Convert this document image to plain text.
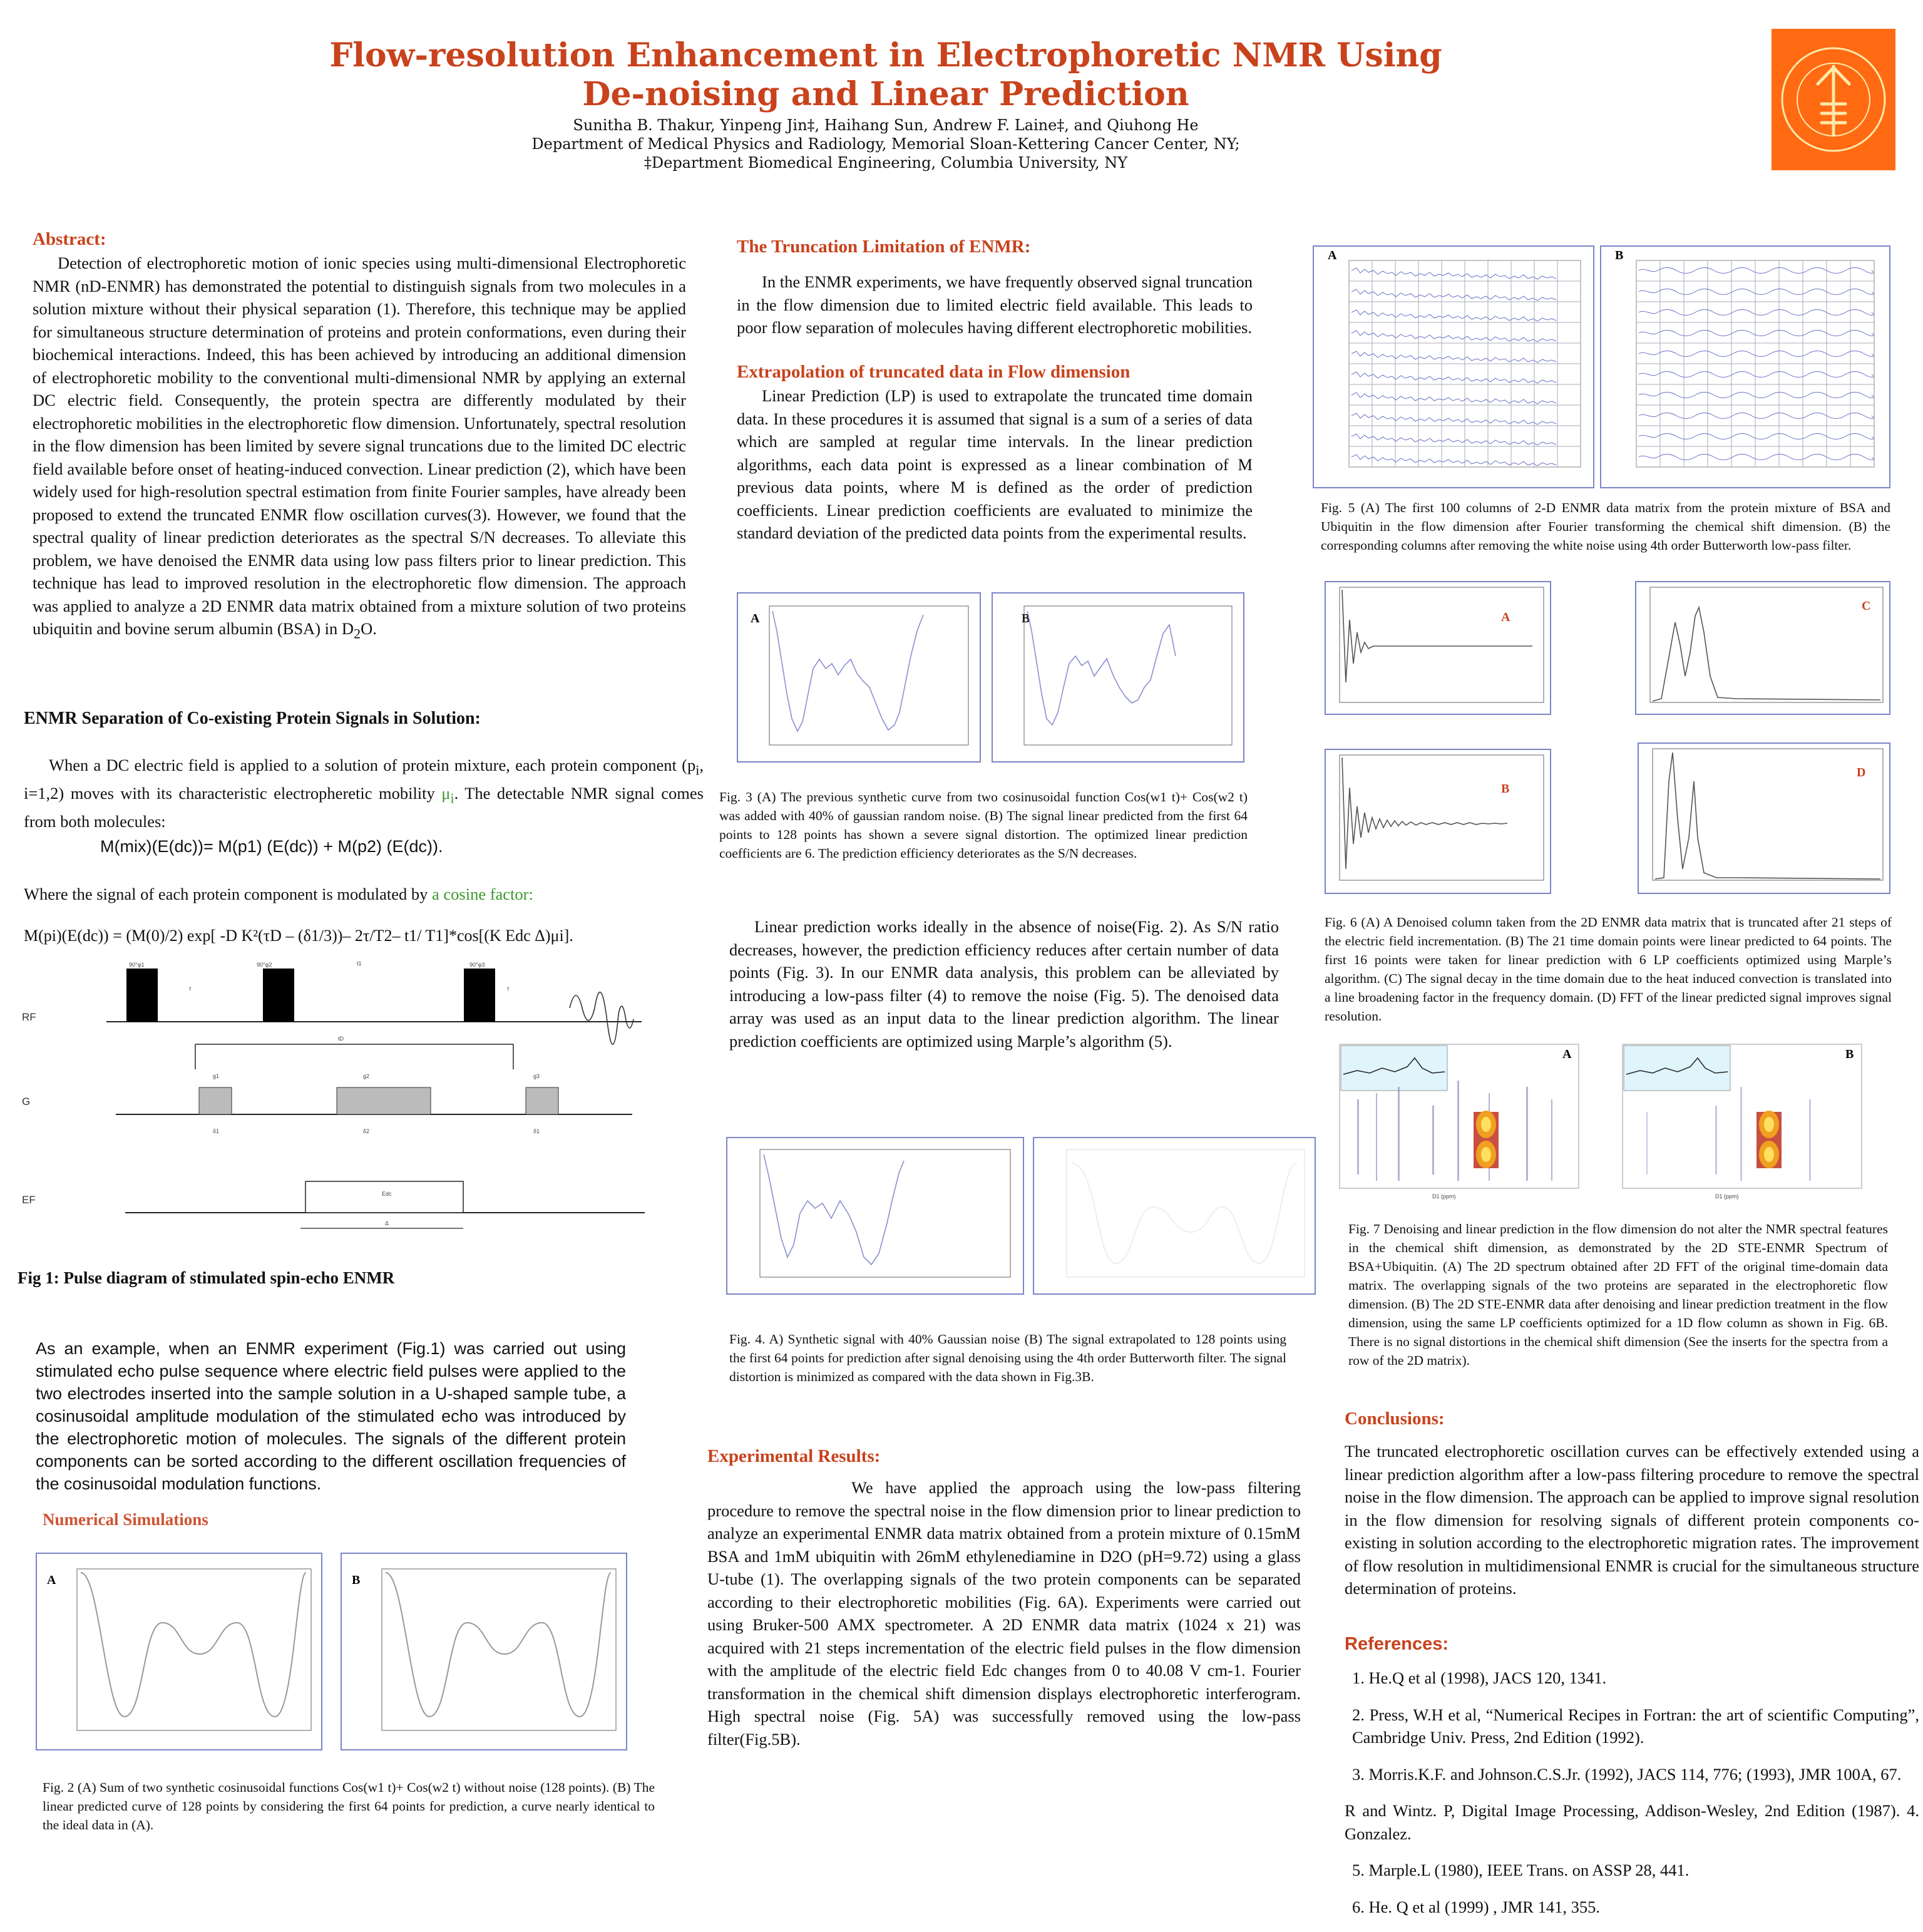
Flow-resolution Enhancement in Electrophoretic NMR Using
De-noising and Linear Prediction
Sunitha B. Thakur, Yinpeng Jin‡, Haihang Sun, Andrew F. Laine‡, and Qiuhong He
Department of Medical Physics and Radiology, Memorial Sloan-Kettering Cancer Center, NY;
‡Department Biomedical Engineering, Columbia University, NY
Abstract:
Detection of electrophoretic motion of ionic species using multi-dimensional Electrophoretic NMR (nD-ENMR) has demonstrated the potential to distinguish signals from two molecules in a solution mixture without their physical separation (1). Therefore, this technique may be applied for simultaneous structure determination of proteins and protein conformations, even during their biochemical interactions. Indeed, this has been achieved by introducing an additional dimension of electrophoretic mobility to the conventional multi-dimensional NMR by applying an external DC electric field. Consequently, the protein spectra are differently modulated by their electrophoretic mobilities in the electrophoretic flow dimension. Unfortunately, spectral resolution in the flow dimension has been limited by severe signal truncations due to the limited DC electric field available before onset of heating-induced convection. Linear prediction (2), which have been widely used for high-resolution spectral estimation from finite Fourier samples, have already been proposed to extend the truncated ENMR flow oscillation curves(3). However, we found that the spectral quality of linear prediction deteriorates as the spectral S/N decreases. To alleviate this problem, we have denoised the ENMR data using low pass filters prior to linear prediction. This technique has lead to improved resolution in the electrophoretic flow dimension. The approach was applied to analyze a 2D ENMR data matrix obtained from a mixture solution of two proteins ubiquitin and bovine serum albumin (BSA) in $D_2O$.
ENMR Separation of Co-existing Protein Signals in Solution:
When a DC electric field is applied to a solution of protein mixture, each protein component ($p_i$, i=1,2) moves with its characteristic electropheretic mobility $\mu_i$. The detectable NMR signal comes from both molecules:
M(mix)(E(dc))= M(p1) (E(dc)) + M(p2) (E(dc)).
Where the signal of each protein component is modulated by a cosine factor:
M(pi)(E(dc)) = (M(0)/2) exp[ -D K²(τD – (δ1/3))– 2τ/T2– t1/ T1]*cos[(K Edc Δ)μi].
RF
G
EF
90°φ1	90°φ2	90°φ3
τ
t1
τ
tD
g1	g2	g3
δ1	δ2	δ1
Edc
Δ
Fig 1: Pulse diagram of stimulated spin-echo ENMR
As an example, when an ENMR experiment (Fig.1) was carried out using stimulated echo pulse sequence where electric field pulses were applied to the two electrodes inserted into the sample solution in a U-shaped sample tube, a cosinusoidal amplitude modulation of the stimulated echo was introduced by the electrophoretic motion of molecules. The signals of the different protein components can be sorted according to the different oscillation frequencies of the cosinusoidal modulation functions.
Numerical Simulations
A	B
Fig. 2 (A) Sum of two synthetic cosinusoidal functions Cos(w1 t)+ Cos(w2 t) without noise (128 points). (B) The linear predicted curve of 128 points by considering the first 64 points for prediction, a curve nearly identical to the ideal data in (A).
The Truncation Limitation of ENMR:
In the ENMR experiments, we have frequently observed signal truncation in the flow dimension due to limited electric field available. This leads to poor flow separation of molecules having different electrophoretic mobilities.
Extrapolation of truncated data in Flow dimension
Linear Prediction (LP) is used to extrapolate the truncated time domain data. In these procedures it is assumed that signal is a sum of a series of data which are sampled at regular time intervals. In the linear prediction algorithms, each data point is expressed as a linear combination of M previous data points, where M is defined as the order of prediction coefficients. Linear prediction coefficients are evaluated to minimize the standard deviation of the predicted data points from the experimental results.
A	B
Fig. 3 (A) The previous synthetic curve from two cosinusoidal function Cos(w1 t)+ Cos(w2 t) was added with 40% of gaussian random noise. (B) The signal linear predicted from the first 64 points to 128 points has shown a severe signal distortion. The optimized linear prediction coefficients are 6. The prediction efficiency deteriorates as the S/N decreases.
Linear prediction works ideally in the absence of noise(Fig. 2). As S/N ratio decreases, however, the prediction efficiency reduces after certain number of data points (Fig. 3). In our ENMR data analysis, this problem can be alleviated by introducing a low-pass filter (4) to remove the noise (Fig. 5). The denoised data array was used as an input data to the linear prediction algorithm. The linear prediction coefficients are optimized using Marple’s algorithm (5).
Fig. 4. A) Synthetic signal with 40% Gaussian noise (B) The signal extrapolated to 128 points using the first 64 points for prediction after signal denoising using the 4th order Butterworth filter. The signal distortion is minimized as compared with the data shown in Fig.3B.
Experimental Results:
We have applied the approach using the low-pass filtering procedure to remove the spectral noise in the flow dimension prior to linear prediction to analyze an experimental ENMR data matrix obtained from a protein mixture of 0.15mM BSA and 1mM ubiquitin with 26mM ethylenediamine in D2O (pH=9.72) using a glass U-tube (1). The overlapping signals of the two protein components can be separated according to their electrophoretic mobilities (Fig. 6A). Experiments were carried out using Bruker-500 AMX spectrometer. A 2D ENMR data matrix (1024 x 21) was acquired with 21 steps incrementation of the electric field pulses in the flow dimension with the amplitude of the electric field Edc changes from 0 to 40.08 V cm-1. Fourier transformation in the chemical shift dimension displays electrophoretic interferogram. High spectral noise (Fig. 5A) was successfully removed using the low-pass filter(Fig.5B).
A	B
Fig. 5 (A) The first 100 columns of 2-D ENMR data matrix from the protein mixture of BSA and Ubiquitin in the flow dimension after Fourier transforming the chemical shift dimension. (B) the corresponding columns after removing the white noise using 4th order Butterworth low-pass filter.
A
C
B
D
Fig. 6 (A) A Denoised column taken from the 2D ENMR data matrix that is truncated after 21 steps of the electric field incrementation. (B) The 21 time domain points were linear predicted to 64 points. The first 16 points were taken for linear prediction with 6 LP coefficients optimized using Marple’s algorithm. (C) The signal decay in the time domain due to the heat induced convection is translated into a line broadening factor in the frequency domain. (D) FFT of the linear predicted signal improves signal resolution.
A
D1 (ppm)
B
D1 (ppm)
Fig. 7 Denoising and linear prediction in the flow dimension do not alter the NMR spectral features in the chemical shift dimension, as demonstrated by the 2D STE-ENMR Spectrum of BSA+Ubiquitin. (A) The 2D spectrum obtained after 2D FFT of the original time-domain data matrix. The overlapping signals of the two proteins are separated in the electrophoretic flow dimension. (B) The 2D STE-ENMR data after denoising and linear prediction treatment in the flow dimension, using the same LP coefficients optimized for a 1D flow column as shown in Fig. 6B. There is no signal distortions in the chemical shift dimension (See the inserts for the spectra from a row of the 2D matrix).
Conclusions:
The truncated electrophoretic oscillation curves can be effectively extended using a linear prediction algorithm after a low-pass filtering procedure to remove the spectral noise in the flow dimension. The approach can be applied to improve signal resolution in the flow dimension for resolving signals of different protein components co-existing in solution according to the electrophoretic migration rates. The improvement of flow resolution in multidimensional ENMR is crucial for the simultaneous structure determination of proteins.
References:

1. He.Q et al (1998), JACS 120, 1341.

2. Press, W.H et al, “Numerical Recipes in Fortran: the art of scientific Computing”, Cambridge Univ. Press, 2nd Edition (1992).

3. Morris.K.F. and Johnson.C.S.Jr. (1992), JACS 114, 776; (1993), JMR 100A, 67.

R and Wintz. P, Digital Image Processing, Addison-Wesley, 2nd Edition (1987). 4. Gonzalez.

5. Marple.L (1980), IEEE Trans. on ASSP 28, 441.

6. He. Q et al (1999) , JMR 141, 355.
